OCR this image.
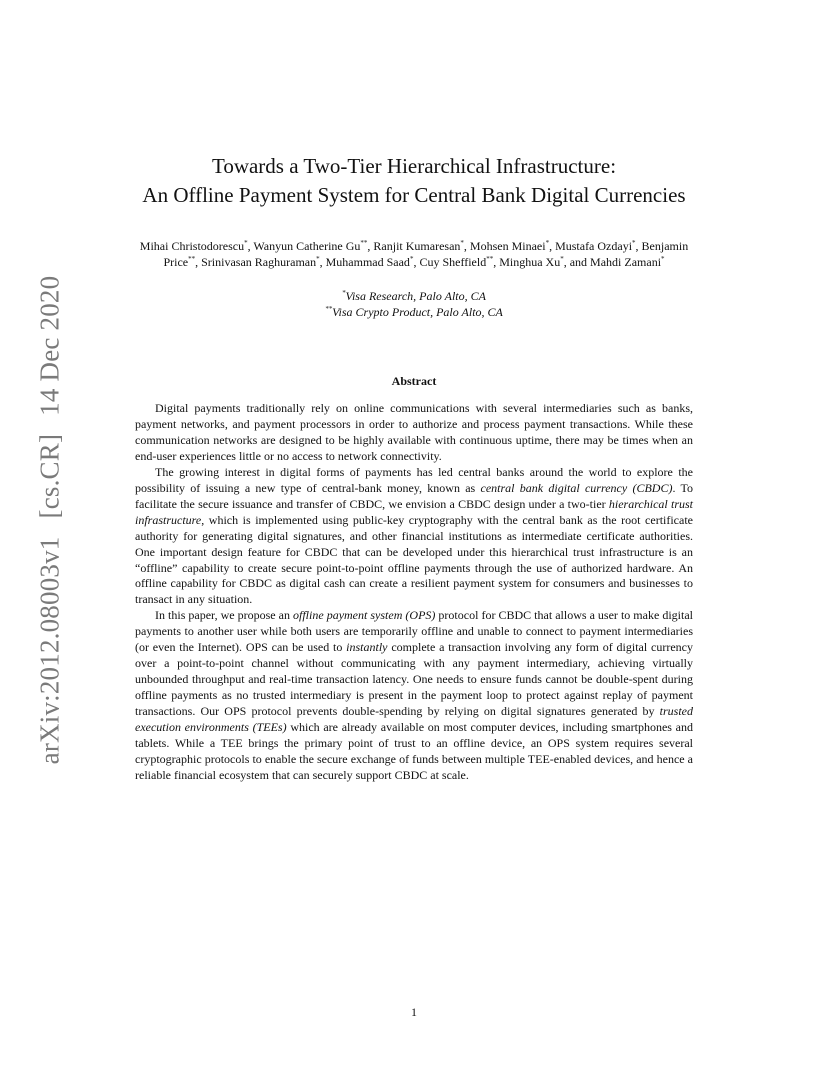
arXiv:2012.08003v1[cs.CR]14 Dec 2020
Towards a Two-Tier Hierarchical Infrastructure:
An Offline Payment System for Central Bank Digital Currencies
Mihai Christodorescu*, Wanyun Catherine Gu**, Ranjit Kumaresan*, Mohsen Minaei*, Mustafa Ozdayi*, Benjamin
Price**, Srinivasan Raghuraman*, Muhammad Saad*, Cuy Sheffield**, Minghua Xu*, and Mahdi Zamani*
*Visa Research, Palo Alto, CA
**Visa Crypto Product, Palo Alto, CA
Abstract

Digital payments traditionally rely on online communications with several intermediaries such as banks, payment networks, and payment processors in order to authorize and process payment transactions. While these communication networks are designed to be highly available with continuous uptime, there may be times when an end-user experiences little or no access to network connectivity.

The growing interest in digital forms of payments has led central banks around the world to explore the possibility of issuing a new type of central-bank money, known as central bank digital currency (CBDC). To facilitate the secure issuance and transfer of CBDC, we envision a CBDC design under a two-tier hierarchical trust infrastructure, which is implemented using public-key cryptography with the central bank as the root certificate authority for generating digital signatures, and other financial institutions as intermediate certificate authorities. One important design feature for CBDC that can be developed under this hierarchical trust infrastructure is an “offline” capability to create secure point-to-point offline payments through the use of authorized hardware. An offline capability for CBDC as digital cash can create a resilient payment system for consumers and businesses to transact in any situation.

In this paper, we propose an offline payment system (OPS) protocol for CBDC that allows a user to make digital payments to another user while both users are temporarily offline and unable to connect to payment intermediaries (or even the Internet). OPS can be used to instantly complete a transaction involving any form of digital currency over a point-to-point channel without communicating with any payment intermediary, achieving virtually unbounded throughput and real-time transaction latency. One needs to ensure funds cannot be double-spent during offline payments as no trusted intermediary is present in the payment loop to protect against replay of payment transactions. Our OPS protocol prevents double-spending by relying on digital signatures generated by trusted execution environments (TEEs) which are already available on most computer devices, including smartphones and tablets. While a TEE brings the primary point of trust to an offline device, an OPS system requires several cryptographic protocols to enable the secure exchange of funds between multiple TEE-enabled devices, and hence a reliable financial ecosystem that can securely support CBDC at scale.

1
